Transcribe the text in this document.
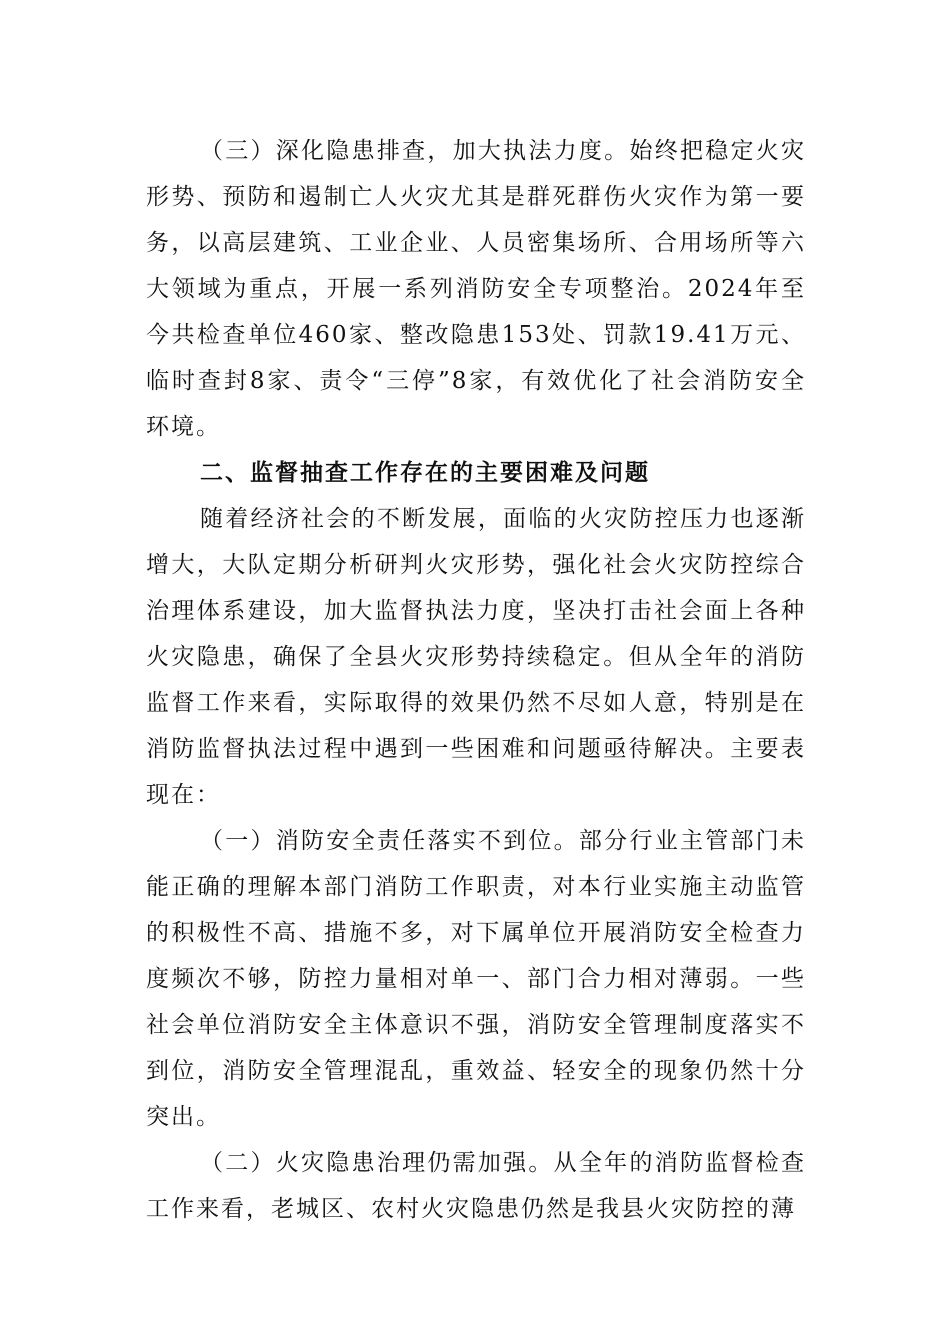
（三）深化隐患排查，加大执法力度。始终把稳定火灾形势、预防和遏制亡人火灾尤其是群死群伤火灾作为第一要务，以高层建筑、工业企业、人员密集场所、合用场所等六大领域为重点，开展一系列消防安全专项整治。2024年至今共检查单位460家、整改隐患153处、罚款19.41万元、临时查封8家、责令“三停”8家，有效优化了社会消防安全环境。

二、监督抽查工作存在的主要困难及问题

随着经济社会的不断发展，面临的火灾防控压力也逐渐增大，大队定期分析研判火灾形势，强化社会火灾防控综合治理体系建设，加大监督执法力度，坚决打击社会面上各种火灾隐患，确保了全县火灾形势持续稳定。但从全年的消防监督工作来看，实际取得的效果仍然不尽如人意，特别是在消防监督执法过程中遇到一些困难和问题亟待解决。主要表现在：

（一）消防安全责任落实不到位。部分行业主管部门未能正确的理解本部门消防工作职责，对本行业实施主动监管的积极性不高、措施不多，对下属单位开展消防安全检查力度频次不够，防控力量相对单一、部门合力相对薄弱。一些社会单位消防安全主体意识不强，消防安全管理制度落实不到位，消防安全管理混乱，重效益、轻安全的现象仍然十分突出。

（二）火灾隐患治理仍需加强。从全年的消防监督检查工作来看，老城区、农村火灾隐患仍然是我县火灾防控的薄
